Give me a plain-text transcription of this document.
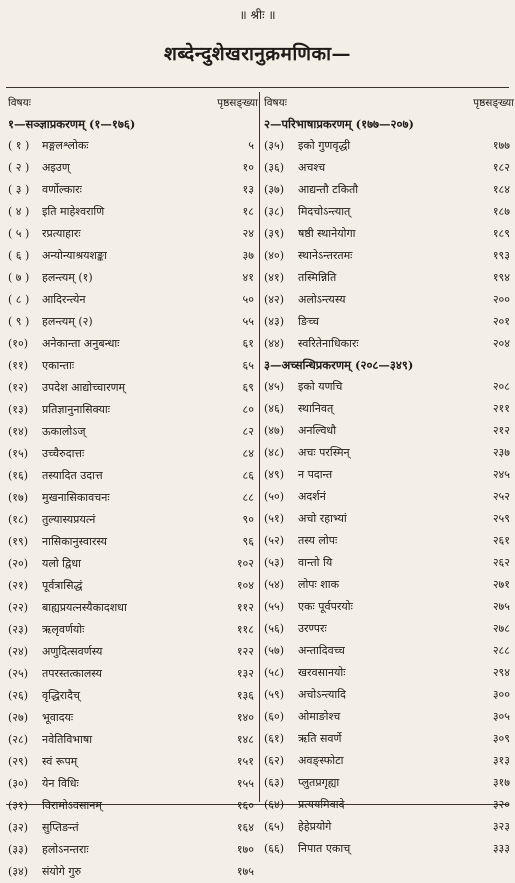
॥ श्रीः ॥
शब्देन्दुशेखरानुक्रमणिका—
विषयः	पृष्ठसङ्ख्या
१—सञ्ज्ञाप्रकरणम् (१—१७६)
( १ ) मङ्गलश्लोकः	५
( २ ) अइउण्	१०
( ३ ) वर्णोल्कारः	१३
( ४ ) इति माहेश्वराणि	१८
( ५ ) रप्रत्याहारः	२४
( ६ ) अन्योन्याश्रयशङ्का	३७
( ७ ) हलन्त्यम् (१)	४१
( ८ ) आदिरन्त्येन	५०
( ९ ) हलन्त्यम् (२)	५५
(१०) अनेकान्ता अनुबन्धाः	६१
(११) एकान्ताः	६५
(१२) उपदेश आद्योच्चारणम्	६९
(१३) प्रतिज्ञानुनासिक्याः	८०
(१४) ऊकालोऽज्	८२
(१५) उच्चैरुदात्तः	८४
(१६) तस्यादित उदात्त	८६
(१७) मुखनासिकावचनः	८८
(१८) तुल्यास्यप्रयत्नं	९०
(१९) नासिकानुस्वारस्य	९६
(२०) यलो द्विधा	१०२
(२१) पूर्वत्रासिद्धं	१०४
(२२) बाह्यप्रयत्नस्यैकादशधा	११२
(२३) ऋलृवर्णयोः	११८
(२४) अणुदित्सवर्णस्य	१२२
(२५) तपरस्तत्कालस्य	१३२
(२६) वृद्धिरादैच्	१३६
(२७) भूवादयः	१४०
(२८) नवेतिविभाषा	१४८
(२९) स्वं रूपम्	१५१
(३०) येन विधिः	१५५
(३१) विरामोऽवसानम्	१६०
(३२) सुप्तिङन्तं	१६४
(३३) हलोऽनन्तराः	१७०
(३४) संयोगे गुरु	१७५
विषयः	पृष्ठसङ्ख्या
२—परिभाषाप्रकरणम् (१७७—२०७)
(३५) इको गुणवृद्धी	१७७
(३६) अचश्च	१८२
(३७) आद्यन्तौ टकितौ	१८४
(३८) मिदचोऽन्त्यात्	१८७
(३९) षष्ठी स्थानेयोगा	१८९
(४०) स्थानेऽन्तरतमः	१९३
(४१) तस्मिन्निति	१९४
(४२) अलोऽन्त्यस्य	२००
(४३) ङिच्च	२०१
(४४) स्वरितेनाधिकारः	२०४
३—अच्सन्धिप्रकरणम् (२०८—३४९)
(४५) इको यणचि	२०८
(४६) स्थानिवत्	२११
(४७) अनल्विधौ	२१२
(४८) अचः परस्मिन्	२३७
(४९) न पदान्त	२४५
(५०) अदर्शनं	२५२
(५१) अचो रहाभ्यां	२५९
(५२) तस्य लोपः	२६१
(५३) वान्तो यि	२६२
(५४) लोपः शाक	२७१
(५५) एकः पूर्वपरयोः	२७५
(५६) उरण्परः	२७८
(५७) अन्तादिवच्च	२८८
(५८) खरवसानयोः	२९४
(५९) अचोऽन्त्यादि	३००
(६०) ओमाङोश्च	३०५
(६१) ऋति सवर्णे	३०९
(६२) अवङ्स्फोटा	३१३
(६३) प्लुतप्रगृह्या	३१७
(६४) प्रत्ययमिवादे	३२०
(६५) हेहेप्रयोगे	३२३
(६६) निपात एकाच्	३३३
